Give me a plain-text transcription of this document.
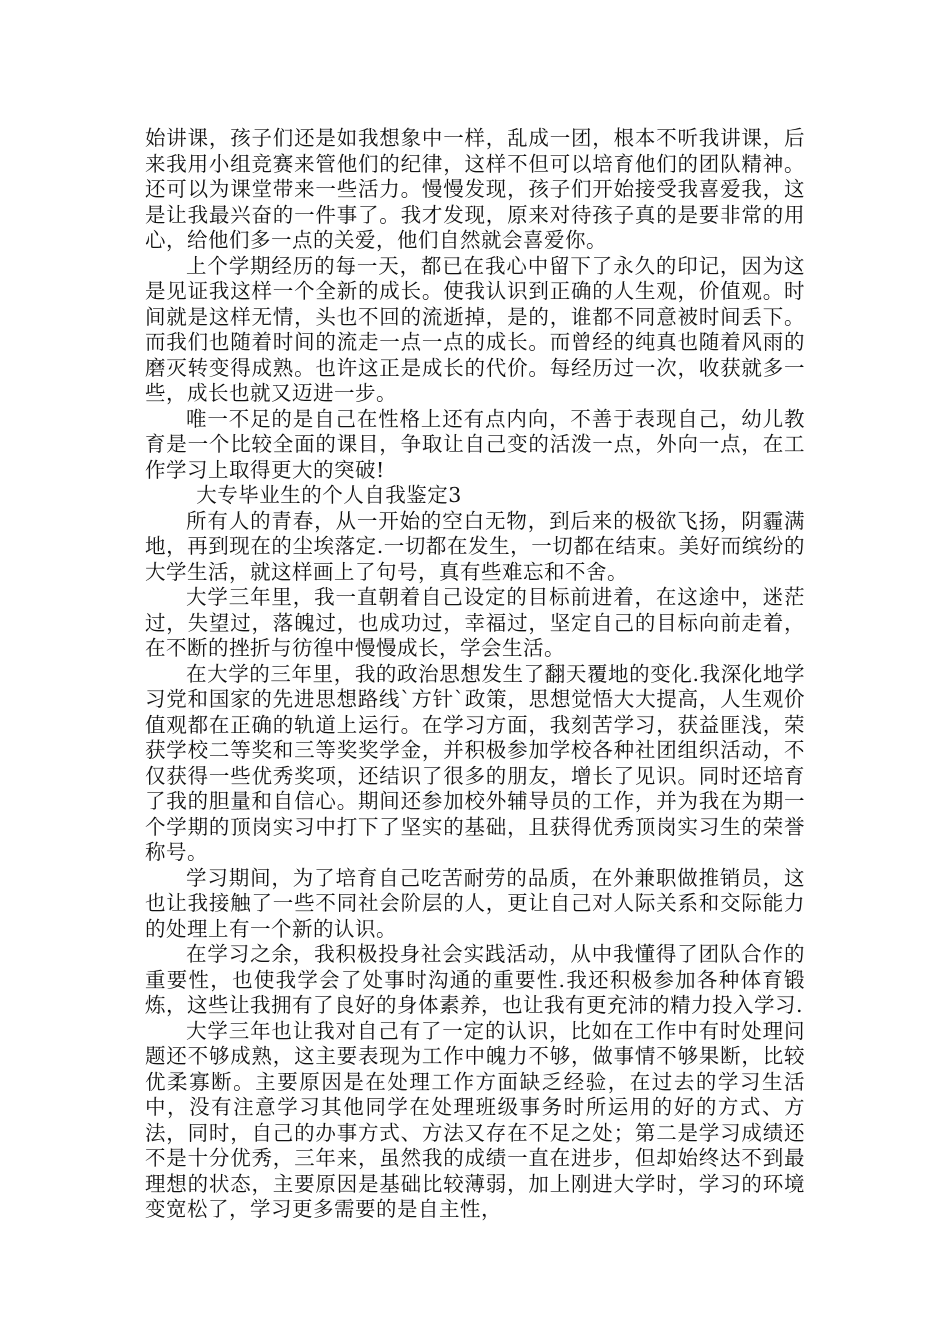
始讲课，孩子们还是如我想象中一样，乱成一团，根本不听我讲课，后来我用小组竞赛来管他们的纪律，这样不但可以培育他们的团队精神。还可以为课堂带来一些活力。慢慢发现，孩子们开始接受我喜爱我，这是让我最兴奋的一件事了。我才发现，原来对待孩子真的是要非常的用心，给他们多一点的关爱，他们自然就会喜爱你。

上个学期经历的每一天，都已在我心中留下了永久的印记，因为这是见证我这样一个全新的成长。使我认识到正确的人生观，价值观。时间就是这样无情，头也不回的流逝掉，是的，谁都不同意被时间丢下。而我们也随着时间的流走一点一点的成长。而曾经的纯真也随着风雨的磨灭转变得成熟。也许这正是成长的代价。每经历过一次，收获就多一些，成长也就又迈进一步。

唯一不足的是自己在性格上还有点内向，不善于表现自己，幼儿教育是一个比较全面的课目，争取让自己变的活泼一点，外向一点，在工作学习上取得更大的突破!

大专毕业生的个人自我鉴定3

所有人的青春，从一开始的空白无物，到后来的极欲飞扬，阴霾满地，再到现在的尘埃落定.一切都在发生，一切都在结束。美好而缤纷的大学生活，就这样画上了句号，真有些难忘和不舍。

大学三年里，我一直朝着自己设定的目标前进着，在这途中，迷茫过，失望过，落魄过，也成功过，幸福过，坚定自己的目标向前走着，在不断的挫折与彷徨中慢慢成长，学会生活。

在大学的三年里，我的政治思想发生了翻天覆地的变化.我深化地学习党和国家的先进思想路线`方针`政策，思想觉悟大大提高，人生观价值观都在正确的轨道上运行。在学习方面，我刻苦学习，获益匪浅，荣获学校二等奖和三等奖奖学金，并积极参加学校各种社团组织活动，不仅获得一些优秀奖项，还结识了很多的朋友，增长了见识。同时还培育了我的胆量和自信心。期间还参加校外辅导员的工作，并为我在为期一个学期的顶岗实习中打下了坚实的基础，且获得优秀顶岗实习生的荣誉称号。

学习期间，为了培育自己吃苦耐劳的品质，在外兼职做推销员，这也让我接触了一些不同社会阶层的人，更让自己对人际关系和交际能力的处理上有一个新的认识。

在学习之余，我积极投身社会实践活动，从中我懂得了团队合作的重要性，也使我学会了处事时沟通的重要性.我还积极参加各种体育锻炼，这些让我拥有了良好的身体素养，也让我有更充沛的精力投入学习.

大学三年也让我对自己有了一定的认识，比如在工作中有时处理问题还不够成熟，这主要表现为工作中魄力不够，做事情不够果断，比较优柔寡断。主要原因是在处理工作方面缺乏经验，在过去的学习生活中，没有注意学习其他同学在处理班级事务时所运用的好的方式、方法，同时，自己的办事方式、方法又存在不足之处；第二是学习成绩还不是十分优秀，三年来，虽然我的成绩一直在进步，但却始终达不到最理想的状态，主要原因是基础比较薄弱，加上刚进大学时，学习的环境变宽松了，学习更多需要的是自主性，
